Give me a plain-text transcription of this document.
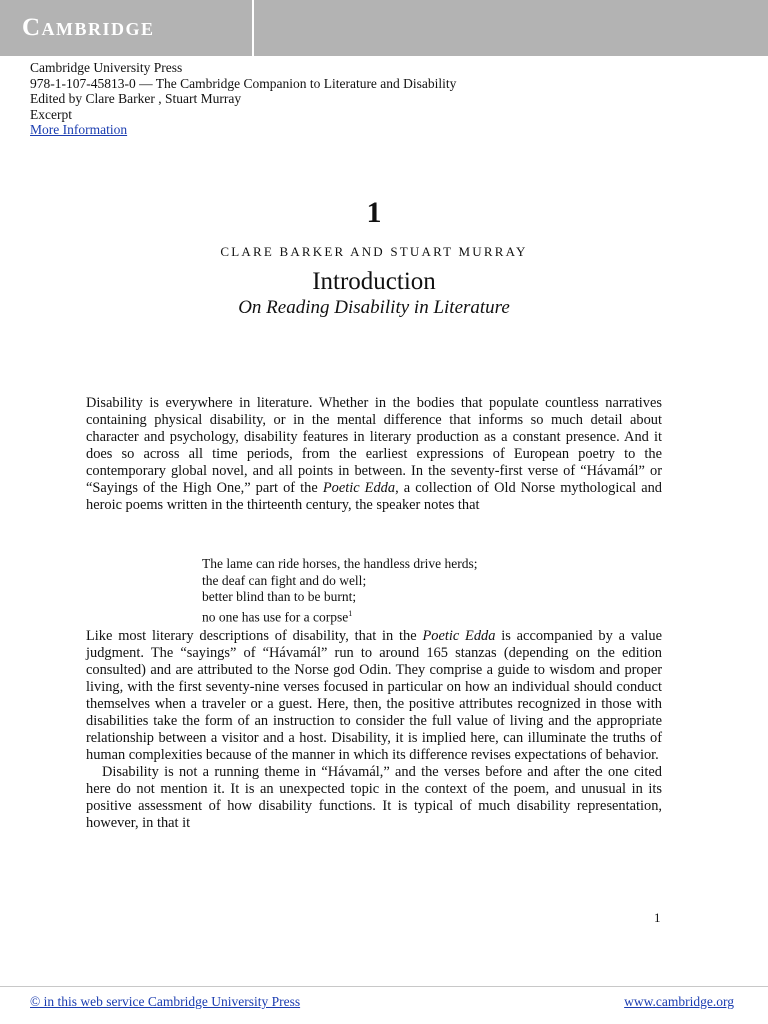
Cambridge
Cambridge University Press
978-1-107-45813-0 — The Cambridge Companion to Literature and Disability
Edited by Clare Barker , Stuart Murray
Excerpt
More Information
1
CLARE BARKER AND STUART MURRAY
Introduction
On Reading Disability in Literature

Disability is everywhere in literature. Whether in the bodies that populate countless narratives containing physical disability, or in the mental difference that informs so much detail about character and psychology, disability features in literary production as a constant presence. And it does so across all time periods, from the earliest expressions of European poetry to the contemporary global novel, and all points in between. In the seventy-first verse of “Hávamál” or “Sayings of the High One,” part of the Poetic Edda, a collection of Old Norse mythological and heroic poems written in the thirteenth century, the speaker notes that

The lame can ride horses, the handless drive herds;
the deaf can fight and do well;
better blind than to be burnt;
no one has use for a corpse$^1$

Like most literary descriptions of disability, that in the Poetic Edda is accompanied by a value judgment. The “sayings” of “Hávamál” run to around 165 stanzas (depending on the edition consulted) and are attributed to the Norse god Odin. They comprise a guide to wisdom and proper living, with the first seventy-nine verses focused in particular on how an individual should conduct themselves when a traveler or a guest. Here, then, the positive attributes recognized in those with disabilities take the form of an instruction to consider the full value of living and the appropriate relationship between a visitor and a host. Disability, it is implied here, can illuminate the truths of human complexities because of the manner in which its difference revises expectations of behavior.

Disability is not a running theme in “Hávamál,” and the verses before and after the one cited here do not mention it. It is an unexpected topic in the context of the poem, and unusual in its positive assessment of how disability functions. It is typical of much disability representation, however, in that it

1
© in this web service Cambridge University Press	www.cambridge.org
